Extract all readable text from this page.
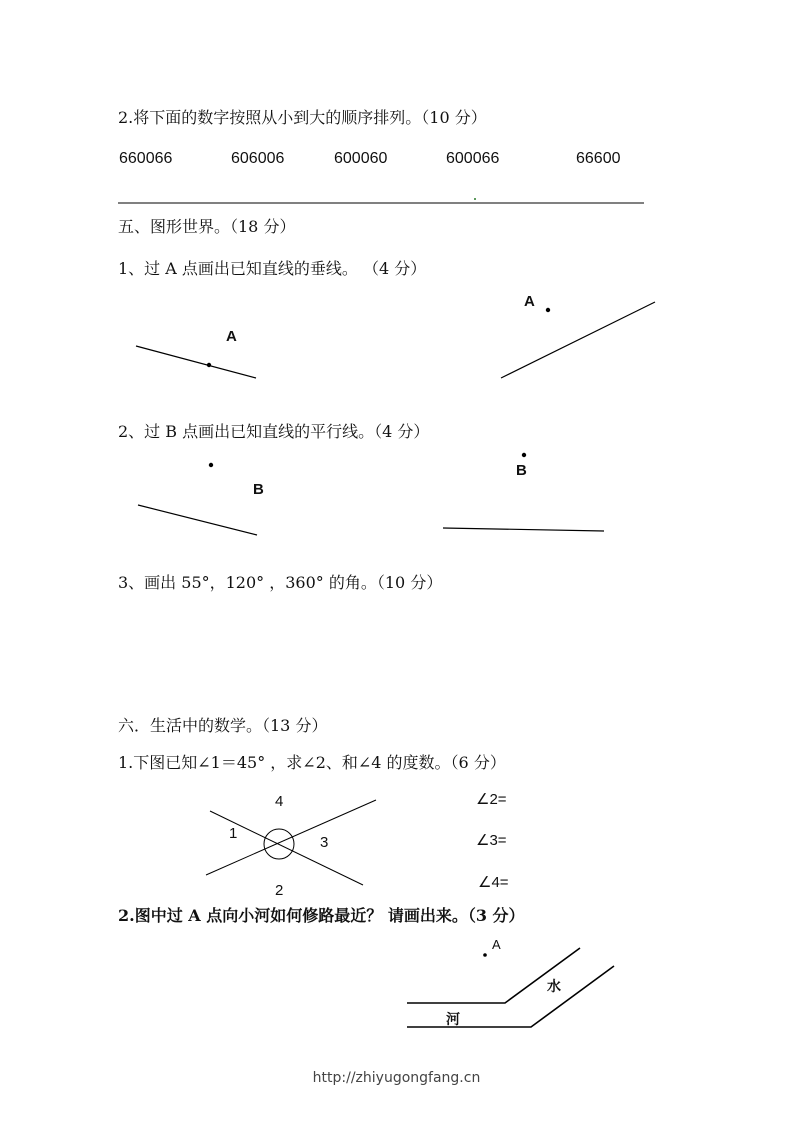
2.将下面的数字按照从小到大的顺序排列。（10 分）
660066	606006	600060	600066	66600
五、图形世界。（18 分）
1、过 A 点画出已知直线的垂线。 （4 分）
A
A
2、过 B 点画出已知直线的平行线。（4 分）
B
B
3、画出 55°，120° ，360° 的角。（10 分）
六．生活中的数学。（13 分）
1.下图已知∠1＝45° ，求∠2、和∠4 的度数。（6 分）
1
2
3
4	∠2=
∠3=
∠4=
2.图中过 A 点向小河如何修路最近？ 请画出来。（3 分）
A
水
河
http://zhiyugongfang.cn
